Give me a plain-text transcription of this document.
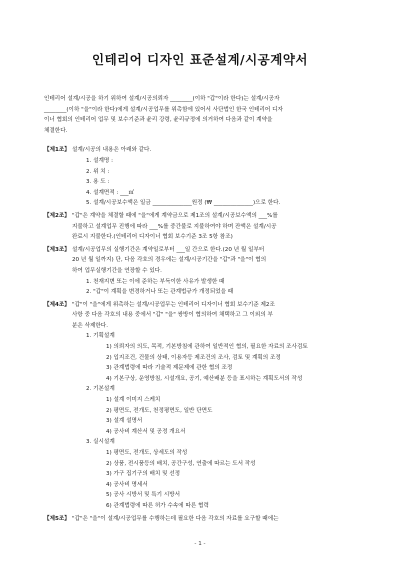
인테리어 디자인 표준설계/시공계약서
인테리어 설계/시공을 하기 위하여 설계/시공의뢰자 ________(이하 "갑"이라 한다)는 설계/시공자
________(이하 "을"이라 한다)에게 설계/시공업무를 위촉함에 있어서 사단법인 한국 인테리어 디자
이너 협회의 인테리어 업무 및 보수기준과 윤리 강령, 윤리규정에 의거하여 다음과 같이 계약을
체결한다.
【제1조】 설계/시공의 내용은 아래와 같다.
1. 설계명 :
2. 위 치 :
3. 용 도 :
4. 설계면적 : ___㎡
5. 설계/시공보수액은 일금 ______________원정 (₩ ______________)으로 한다.
【제2조】 "갑"은 계약을 체결할 때에 "을"에게 계약금으로 제1조의 설계/시공보수액의 ___%를
지불하고 설계업무 진행에 따라 ___%를 중간불로 지불하여야 하며 잔액은 설계/시공
완료시 지불한다.(인테리어 디자이너 협회 보수기준 3조 5항 참조)
【제3조】 설계/시공업무의 실행기간은 계약일로부터 ___일 간으로 한다.(20 년 월 일부터
20 년 월 일까지) 단, 다음 각호의 경우에는 설계/시공기간을 "갑"과 "을"이 협의
하여 업무실행기간을 연장할 수 있다.
1. 천재지변 또는 이에 준하는 부득이한 사유가 발생한 때
2. "갑"이 계획을 변경하거나 또는 관계법규가 개정되었을 때
【제4조】 "갑"이 "을"에게 위촉하는 설계/시공업무는 인테리어 디자이너 협회 보수기준 제2조
사항 중 다음 각호의 내용 중에서 "갑" "을" 쌍방이 협의하여 채택하고 그 이외의 부
분은 삭제한다.
1. 기획설계
1) 의뢰자의 의도, 목적, 기본방침에 관하여 일반적인 협의, 필요한 자료의 조사검토
2) 입지조건, 건물의 상태, 이용자등 제조건의 조사, 검토 및 계획의 조정
3) 관계법령에 따라 기술적 제문제에 관한 협의 조정
4) 기본구상, 운영방침, 시설개요, 공기, 예산배분 등을 표시하는 계획도서의 작성
2. 기본설계
1) 설계 이미지 스케치
2) 평면도, 전개도, 천정평면도, 일반 단면도
3) 설계 설명서
4) 공사비 계산서 및 공정 개요서
3. 실시설계
1) 평면도, 전개도, 상세도의 작성
2) 상품, 전시품등의 배치, 공간구성, 연출에 따르는 도서 작성
3) 가구 집기구의 배치 및 선정
4) 공사비 명세서
5) 공사 시방서 및 특기 시방서
6) 관계법령에 따른 허가 수속에 따른 협력
【제5조】 "갑"은 "을"이 설계/시공업무를 수행하는데 필요한 다음 각호의 자료를 요구할 때에는
- 1 -
